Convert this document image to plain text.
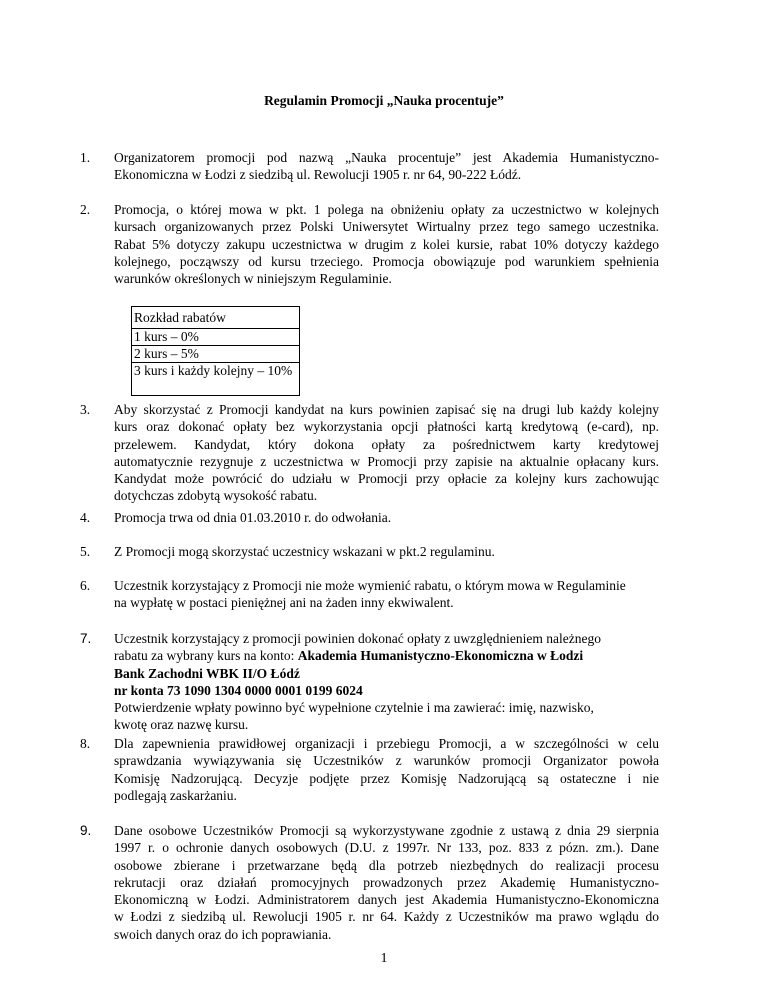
Regulamin Promocji „Nauka procentuje”
1. Organizatorem promocji pod nazwą „Nauka procentuje” jest Akademia Humanistyczno-
Ekonomiczna w Łodzi z siedzibą ul. Rewolucji 1905 r. nr 64, 90-222 Łódź.
2. Promocja, o której mowa w pkt. 1 polega na obniżeniu opłaty za uczestnictwo w kolejnych
kursach organizowanych przez Polski Uniwersytet Wirtualny przez tego samego uczestnika.
Rabat 5% dotyczy zakupu uczestnictwa w drugim z kolei kursie, rabat 10% dotyczy każdego
kolejnego, począwszy od kursu trzeciego. Promocja obowiązuje pod warunkiem spełnienia
warunków określonych w niniejszym Regulaminie.
Rozkład rabatów
1 kurs – 0%
2 kurs – 5%
3 kurs i każdy kolejny – 10%
3. Aby skorzystać z Promocji kandydat na kurs powinien zapisać się na drugi lub każdy kolejny
kurs oraz dokonać opłaty bez wykorzystania opcji płatności kartą kredytową (e-card), np.
przelewem. Kandydat, który dokona opłaty za pośrednictwem karty kredytowej
automatycznie rezygnuje z uczestnictwa w Promocji przy zapisie na aktualnie opłacany kurs.
Kandydat może powrócić do udziału w Promocji przy opłacie za kolejny kurs zachowując
dotychczas zdobytą wysokość rabatu.
4. Promocja trwa od dnia 01.03.2010 r. do odwołania.
5. Z Promocji mogą skorzystać uczestnicy wskazani w pkt.2 regulaminu.
6. Uczestnik korzystający z Promocji nie może wymienić rabatu, o którym mowa w Regulaminie
na wypłatę w postaci pieniężnej ani na żaden inny ekwiwalent.
7. Uczestnik korzystający z promocji powinien dokonać opłaty z uwzględnieniem należnego
rabatu za wybrany kurs na konto: Akademia Humanistyczno-Ekonomiczna w Łodzi
Bank Zachodni WBK II/O Łódź
nr konta 73 1090 1304 0000 0001 0199 6024
Potwierdzenie wpłaty powinno być wypełnione czytelnie i ma zawierać: imię, nazwisko,
kwotę oraz nazwę kursu.
8. Dla zapewnienia prawidłowej organizacji i przebiegu Promocji, a w szczególności w celu
sprawdzania wywiązywania się Uczestników z warunków promocji Organizator powoła
Komisję Nadzorującą. Decyzje podjęte przez Komisję Nadzorującą są ostateczne i nie
podlegają zaskarżaniu.
9. Dane osobowe Uczestników Promocji są wykorzystywane zgodnie z ustawą z dnia 29 sierpnia
1997 r. o ochronie danych osobowych (D.U. z 1997r. Nr 133, poz. 833 z pózn. zm.). Dane
osobowe zbierane i przetwarzane będą dla potrzeb niezbędnych do realizacji procesu
rekrutacji oraz działań promocyjnych prowadzonych przez Akademię Humanistyczno-
Ekonomiczną w Łodzi. Administratorem danych jest Akademia Humanistyczno-Ekonomiczna
w Łodzi z siedzibą ul. Rewolucji 1905 r. nr 64. Każdy z Uczestników ma prawo wglądu do
swoich danych oraz do ich poprawiania.
1
